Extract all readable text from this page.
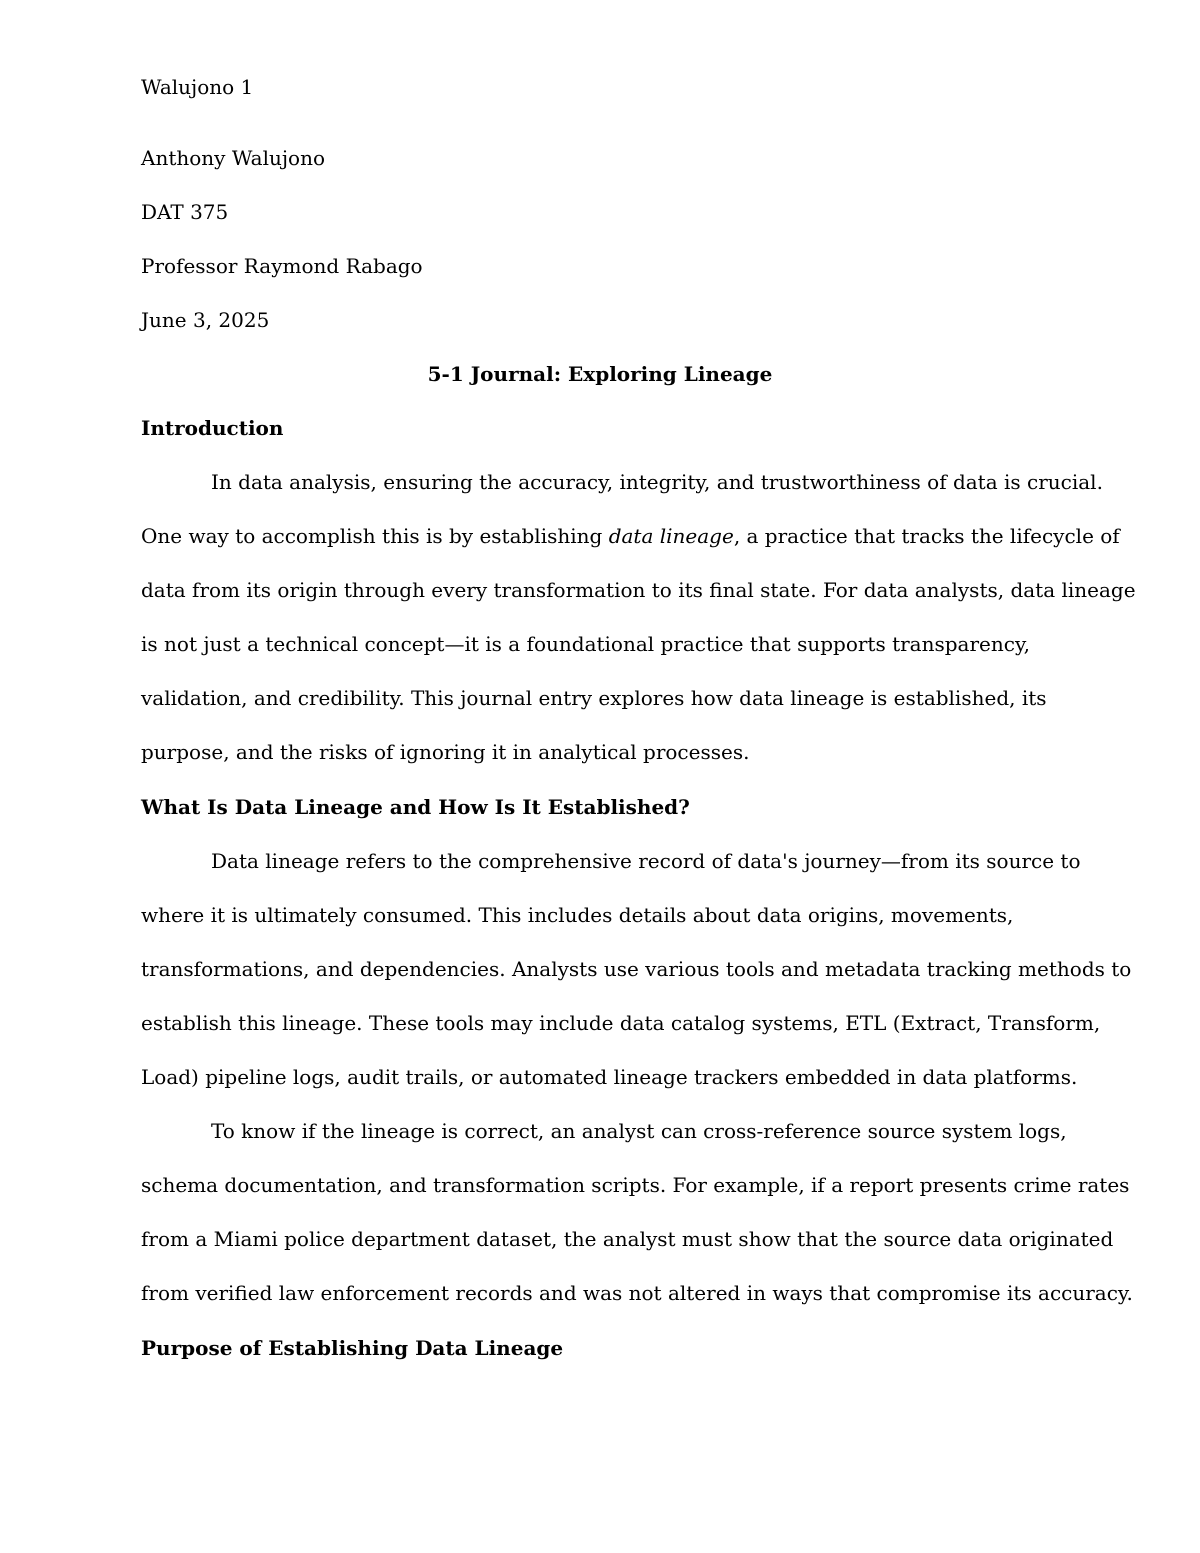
Walujono 1
Anthony Walujono
DAT 375
Professor Raymond Rabago
June 3, 2025
5-1 Journal: Exploring Lineage
Introduction
In data analysis, ensuring the accuracy, integrity, and trustworthiness of data is crucial.
One way to accomplish this is by establishing data lineage, a practice that tracks the lifecycle of
data from its origin through every transformation to its final state. For data analysts, data lineage
is not just a technical concept—it is a foundational practice that supports transparency,
validation, and credibility. This journal entry explores how data lineage is established, its
purpose, and the risks of ignoring it in analytical processes.
What Is Data Lineage and How Is It Established?
Data lineage refers to the comprehensive record of data's journey—from its source to
where it is ultimately consumed. This includes details about data origins, movements,
transformations, and dependencies. Analysts use various tools and metadata tracking methods to
establish this lineage. These tools may include data catalog systems, ETL (Extract, Transform,
Load) pipeline logs, audit trails, or automated lineage trackers embedded in data platforms.
To know if the lineage is correct, an analyst can cross-reference source system logs,
schema documentation, and transformation scripts. For example, if a report presents crime rates
from a Miami police department dataset, the analyst must show that the source data originated
from verified law enforcement records and was not altered in ways that compromise its accuracy.
Purpose of Establishing Data Lineage
